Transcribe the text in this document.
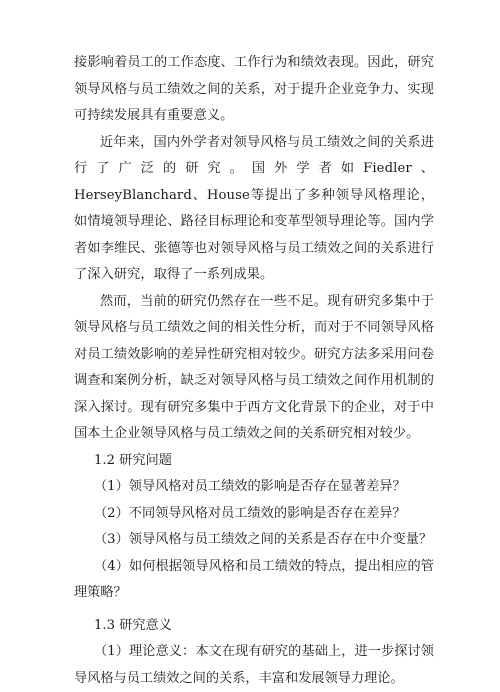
接影响着员工的工作态度、工作行为和绩效表现。因此，研究领导风格与员工绩效之间的关系，对于提升企业竞争力、实现可持续发展具有重要意义。

近年来，国内外学者对领导风格与员工绩效之间的关系进行了广泛的研究。国外学者如Fiedler、HerseyBlanchard、House等提出了多种领导风格理论，如情境领导理论、路径目标理论和变革型领导理论等。国内学者如李维民、张德等也对领导风格与员工绩效之间的关系进行了深入研究，取得了一系列成果。

然而，当前的研究仍然存在一些不足。现有研究多集中于领导风格与员工绩效之间的相关性分析，而对于不同领导风格对员工绩效影响的差异性研究相对较少。研究方法多采用问卷调查和案例分析，缺乏对领导风格与员工绩效之间作用机制的深入探讨。现有研究多集中于西方文化背景下的企业，对于中国本土企业领导风格与员工绩效之间的关系研究相对较少。

1.2 研究问题

（1）领导风格对员工绩效的影响是否存在显著差异？

（2）不同领导风格对员工绩效的影响是否存在差异？

（3）领导风格与员工绩效之间的关系是否存在中介变量？

（4）如何根据领导风格和员工绩效的特点，提出相应的管理策略？

1.3 研究意义

（1）理论意义：本文在现有研究的基础上，进一步探讨领导风格与员工绩效之间的关系，丰富和发展领导力理论。
